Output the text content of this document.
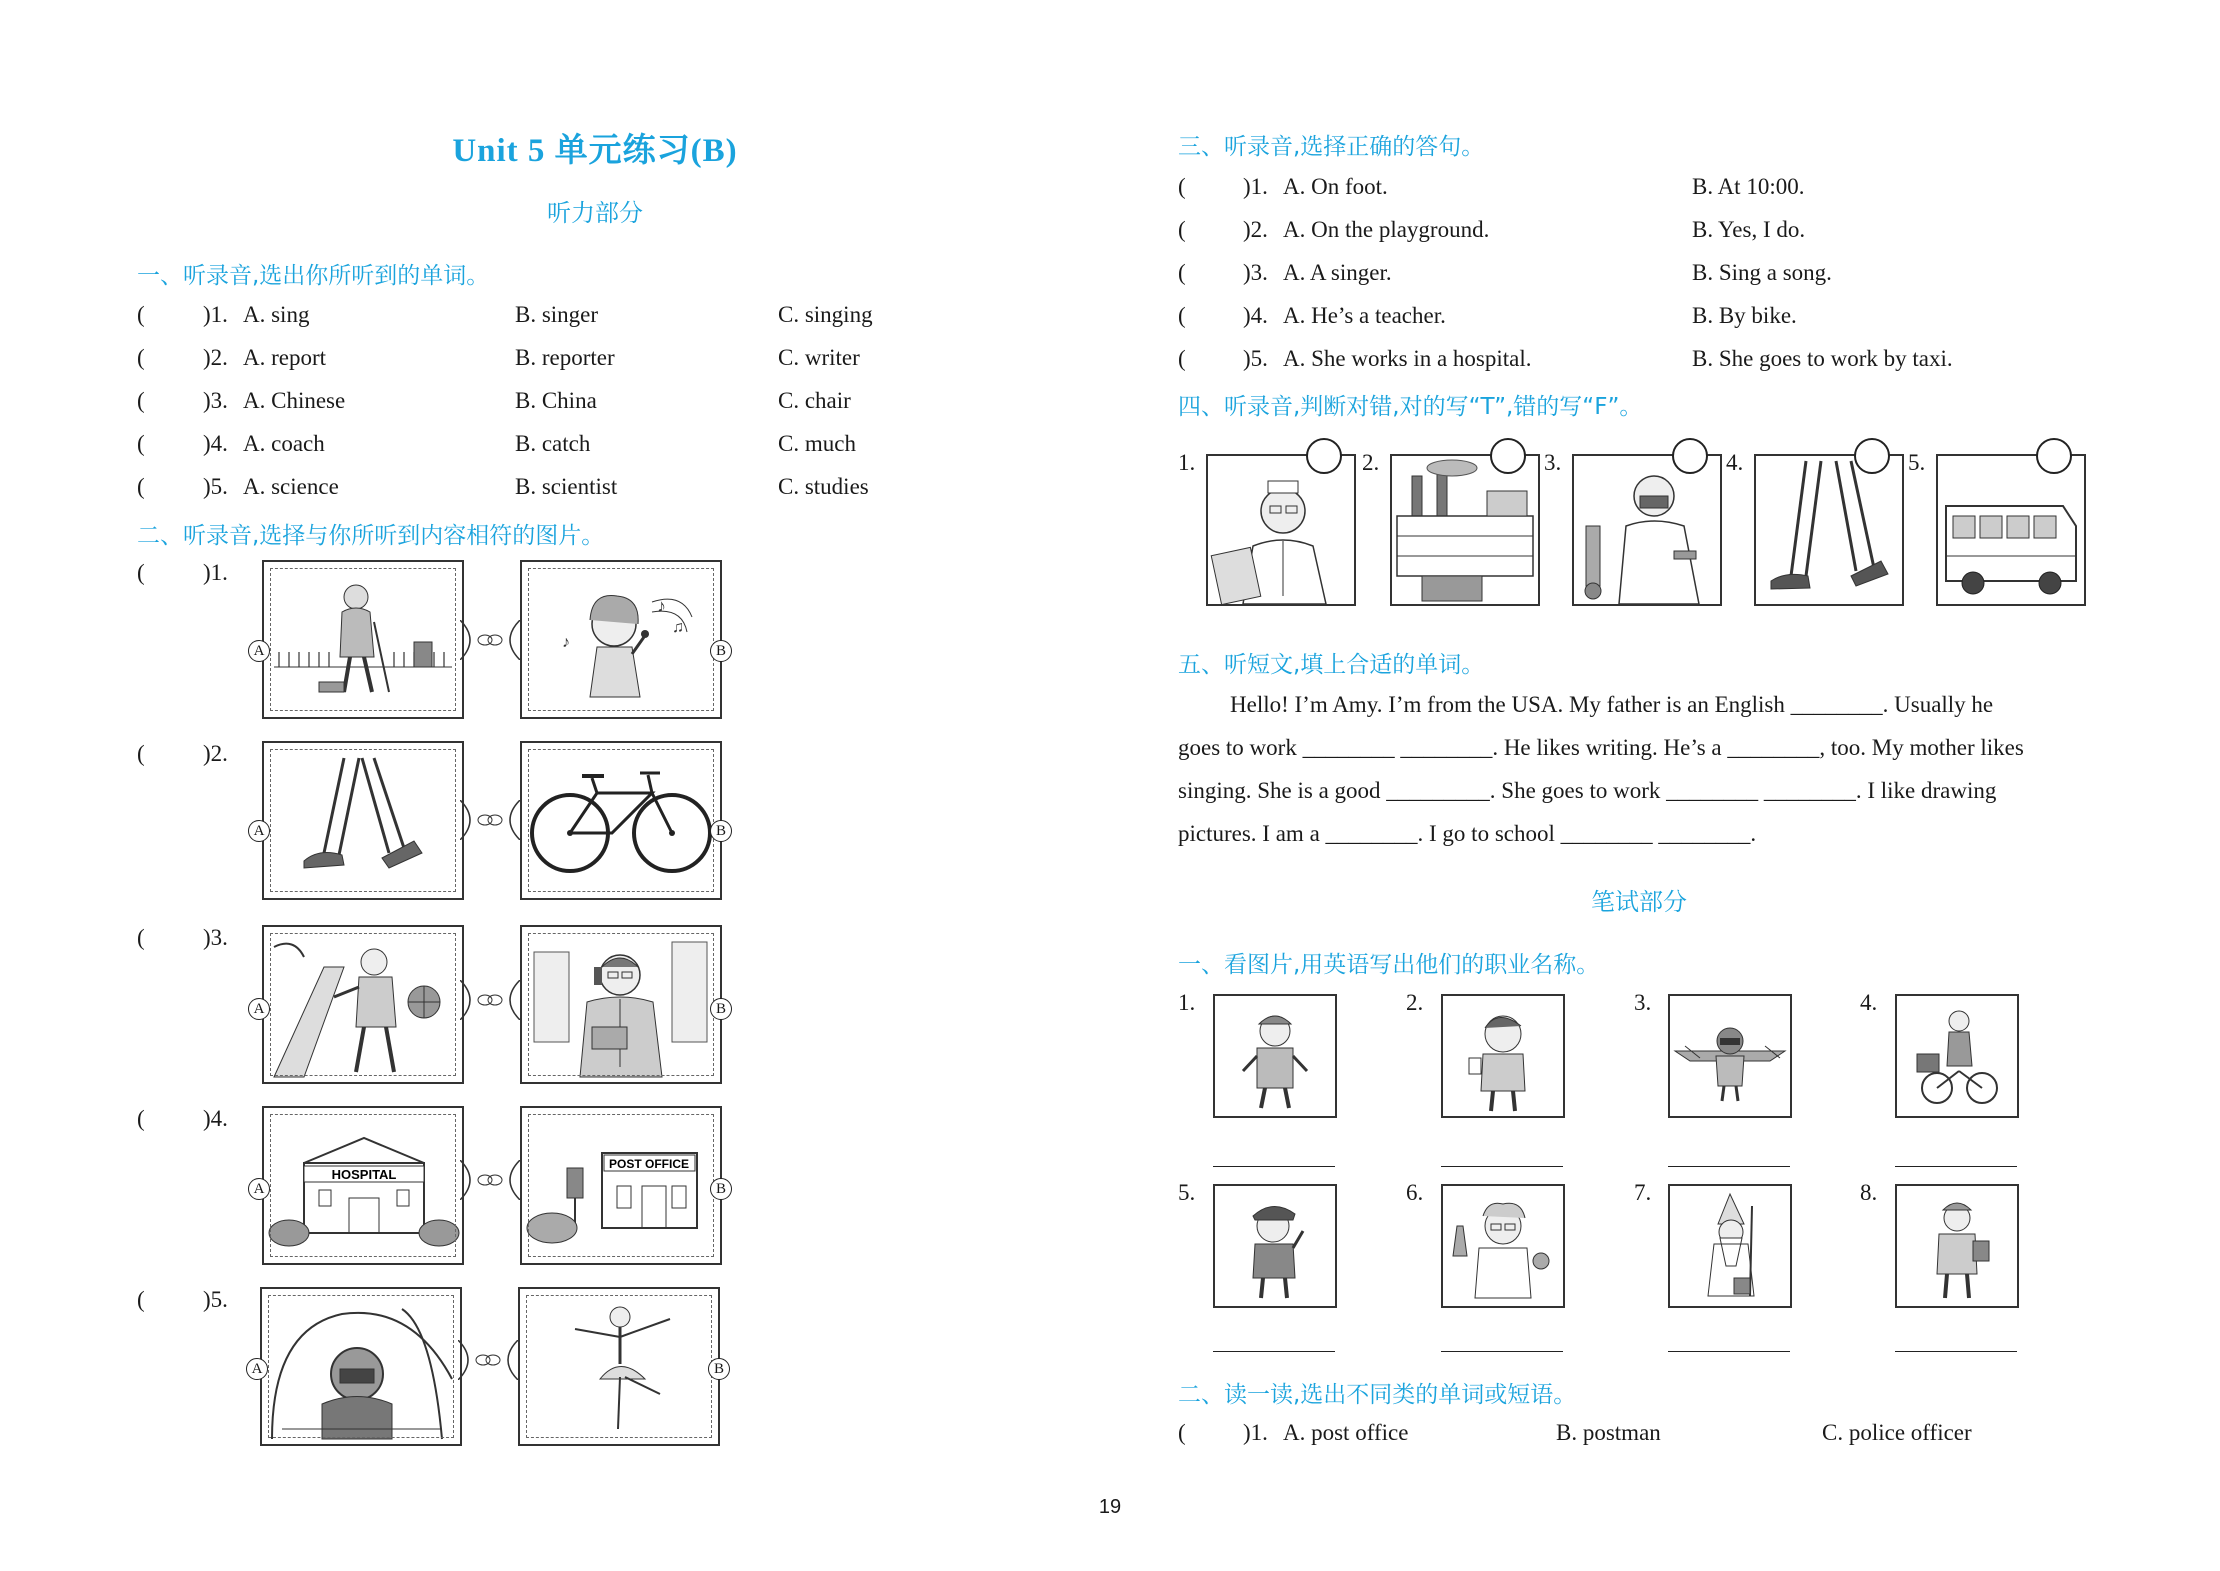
Unit 5 单元练习(B)
听力部分
一、听录音,选出你所听到的单词。
(	)1. A. sing	B. singer	C. singing
(	)2. A. report	B. reporter	C. writer
(	)3. A. Chinese	B. China	C. chair
(	)4. A. coach	B. catch	C. much
(	)5. A. science	B. scientist	C. studies
二、听录音,选择与你所听到内容相符的图片。
(	)1.
♪
♫
♪
A	B
(	)2.
A	B
(	)3.
A	B
(	)4.
HOSPITAL
POST OFFICE
A	B
(	)5.
A	B
三、听录音,选择正确的答句。
( )1. A. On foot.	B. At 10:00.
( )2. A. On the playground.	B. Yes, I do.
( )3. A. A singer.	B. Sing a song.
( )4. A. He’s a teacher.	B. By bike.
( )5. A. She works in a hospital.	B. She goes to work by taxi.
四、听录音,判断对错,对的写“T”,错的写“F”。
1.	2.	3.	4.	5.
五、听短文,填上合适的单词。
Hello! I’m Amy. I’m from the USA. My father is an English ________. Usually he
goes to work ________ ________. He likes writing. He’s a ________, too. My mother likes
singing. She is a good _________. She goes to work ________ ________. I like drawing
pictures. I am a ________. I go to school ________ ________.
笔试部分
一、看图片,用英语写出他们的职业名称。
1.	2.	3.	4.
5.	6.	7.	8.
二、读一读,选出不同类的单词或短语。
( )1. A. post office	B. postman	C. police officer
19
